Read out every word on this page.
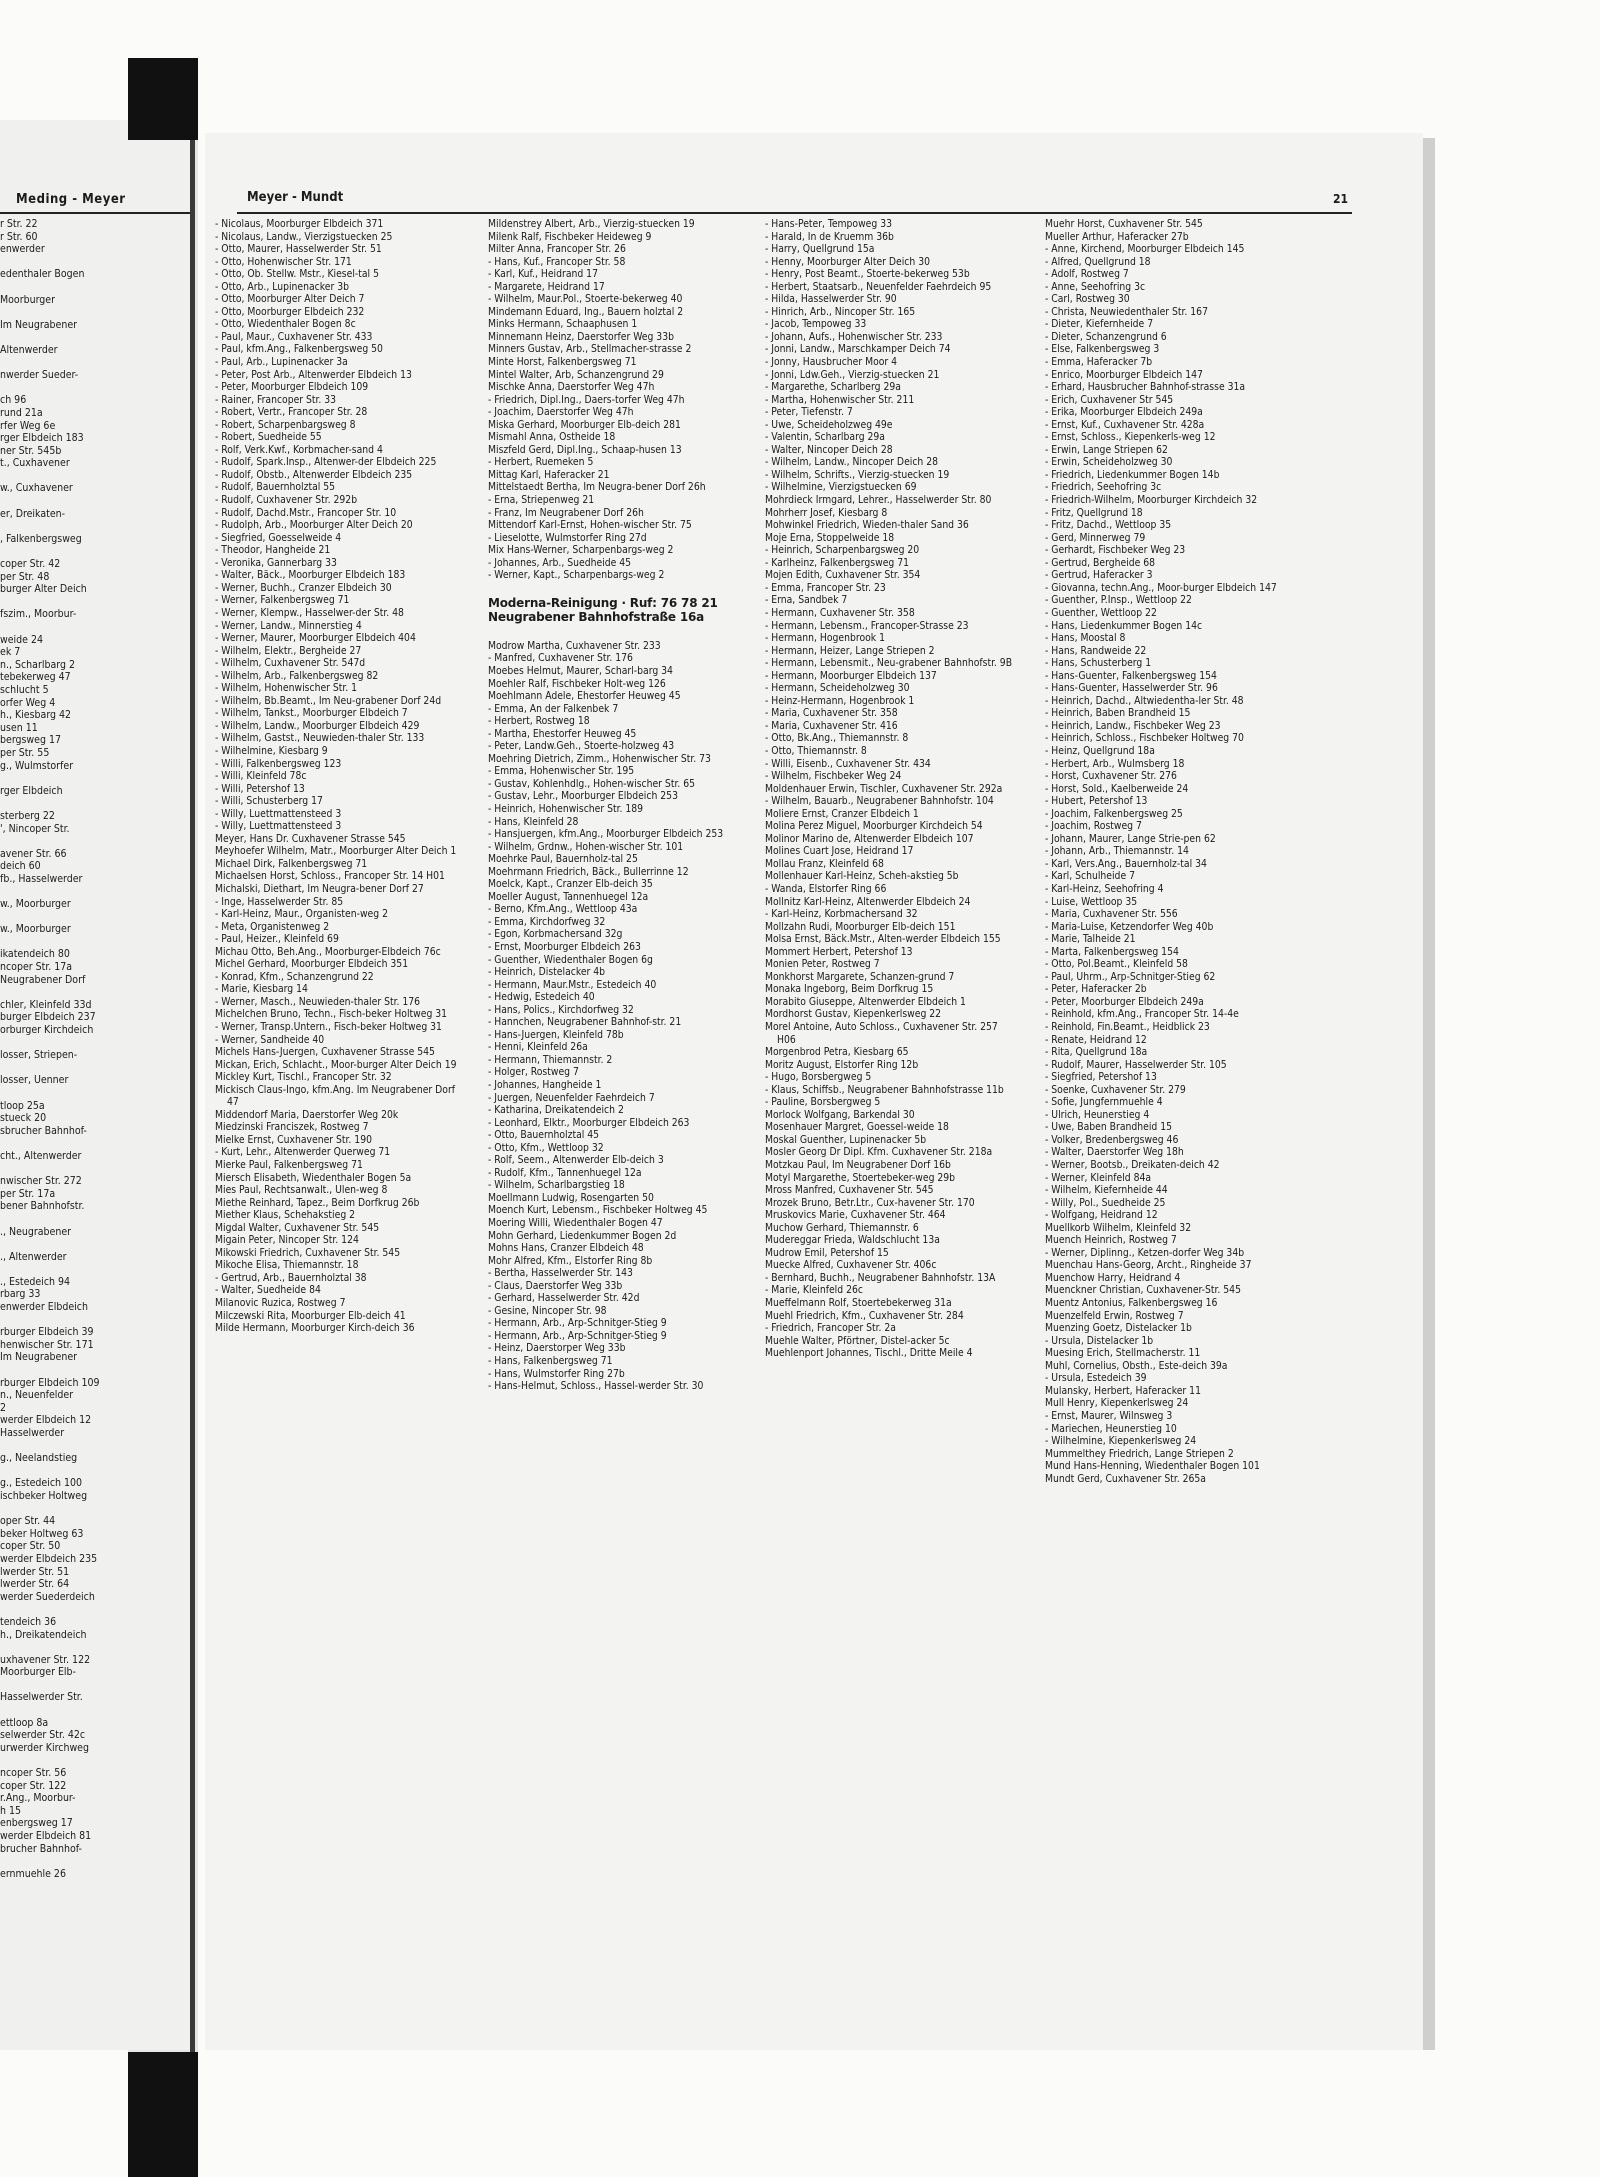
Meding - Meyer
r Str. 22
r Str. 60
enwerder

edenthaler Bogen

Moorburger

Im Neugrabener

Altenwerder

nwerder Sueder-

ch 96
rund 21a
rfer Weg 6e
rger Elbdeich 183
ner Str. 545b
t., Cuxhavener

w., Cuxhavener

er, Dreikaten-

, Falkenbergsweg

coper Str. 42
per Str. 48
burger Alter Deich

fszim., Moorbur-

weide 24
ek 7
n., Scharlbarg 2
tebekerweg 47
schlucht 5
orfer Weg 4
h., Kiesbarg 42
usen 11
bergsweg 17
per Str. 55
g., Wulmstorfer

rger Elbdeich

sterberg 22
', Nincoper Str.

avener Str. 66
deich 60
fb., Hasselwerder

w., Moorburger

w., Moorburger

ikatendeich 80
ncoper Str. 17a
Neugrabener Dorf

chler, Kleinfeld 33d
burger Elbdeich 237
orburger Kirchdeich

losser, Striepen-

losser, Uenner

tloop 25a
stueck 20
sbrucher Bahnhof-

cht., Altenwerder

nwischer Str. 272
per Str. 17a
bener Bahnhofstr.

., Neugrabener

., Altenwerder

., Estedeich 94
rbarg 33
enwerder Elbdeich

rburger Elbdeich 39
henwischer Str. 171
Im Neugrabener

rburger Elbdeich 109
n., Neuenfelder
2
werder Elbdeich 12
Hasselwerder

g., Neelandstieg

g., Estedeich 100
ischbeker Holtweg

oper Str. 44
beker Holtweg 63
coper Str. 50
werder Elbdeich 235
lwerder Str. 51
lwerder Str. 64
werder Suederdeich

tendeich 36
h., Dreikatendeich

uxhavener Str. 122
Moorburger Elb-

Hasselwerder Str.

ettloop 8a
selwerder Str. 42c
urwerder Kirchweg

ncoper Str. 56
coper Str. 122
r.Ang., Moorbur-
h 15
enbergsweg 17
werder Elbdeich 81
brucher Bahnhof-

ernmuehle 26
Meyer - Mundt	21
- Nicolaus, Moorburger Elbdeich 371
- Nicolaus, Landw., Vierzigstuecken 25
- Otto, Maurer, Hasselwerder Str. 51
- Otto, Hohenwischer Str. 171
- Otto, Ob. Stellw. Mstr., Kiesel-tal 5
- Otto, Arb., Lupinenacker 3b
- Otto, Moorburger Alter Deich 7
- Otto, Moorburger Elbdeich 232
- Otto, Wiedenthaler Bogen 8c
- Paul, Maur., Cuxhavener Str. 433
- Paul, kfm.Ang., Falkenbergsweg 50
- Paul, Arb., Lupinenacker 3a
- Peter, Post Arb., Altenwerder Elbdeich 13
- Peter, Moorburger Elbdeich 109
- Rainer, Francoper Str. 33
- Robert, Vertr., Francoper Str. 28
- Robert, Scharpenbargsweg 8
- Robert, Suedheide 55
- Rolf, Verk.Kwf., Korbmacher-sand 4
- Rudolf, Spark.Insp., Altenwer-der Elbdeich 225
- Rudolf, Obstb., Altenwerder Elbdeich 235
- Rudolf, Bauernholztal 55
- Rudolf, Cuxhavener Str. 292b
- Rudolf, Dachd.Mstr., Francoper Str. 10
- Rudolph, Arb., Moorburger Alter Deich 20
- Siegfried, Goesselweide 4
- Theodor, Hangheide 21
- Veronika, Gannerbarg 33
- Walter, Bäck., Moorburger Elbdeich 183
- Werner, Buchh., Cranzer Elbdeich 30
- Werner, Falkenbergsweg 71
- Werner, Klempw., Hasselwer-der Str. 48
- Werner, Landw., Minnerstieg 4
- Werner, Maurer, Moorburger Elbdeich 404
- Wilhelm, Elektr., Bergheide 27
- Wilhelm, Cuxhavener Str. 547d
- Wilhelm, Arb., Falkenbergsweg 82
- Wilhelm, Hohenwischer Str. 1
- Wilhelm, Bb.Beamt., Im Neu-grabener Dorf 24d
- Wilhelm, Tankst., Moorburger Elbdeich 7
- Wilhelm, Landw., Moorburger Elbdeich 429
- Wilhelm, Gastst., Neuwieden-thaler Str. 133
- Wilhelmine, Kiesbarg 9
- Willi, Falkenbergsweg 123
- Willi, Kleinfeld 78c
- Willi, Petershof 13
- Willi, Schusterberg 17
- Willy, Luettmattensteed 3
- Willy, Luettmattensteed 3
Meyer, Hans Dr. Cuxhavener Strasse 545
Meyhoefer Wilhelm, Matr., Moorburger Alter Deich 1
Michael Dirk, Falkenbergsweg 71
Michaelsen Horst, Schloss., Francoper Str. 14 H01
Michalski, Diethart, Im Neugra-bener Dorf 27
- Inge, Hasselwerder Str. 85
- Karl-Heinz, Maur., Organisten-weg 2
- Meta, Organistenweg 2
- Paul, Heizer., Kleinfeld 69
Michau Otto, Beh.Ang., Moorburger-Elbdeich 76c
Michel Gerhard, Moorburger Elbdeich 351
- Konrad, Kfm., Schanzengrund 22
- Marie, Kiesbarg 14
- Werner, Masch., Neuwieden-thaler Str. 176
Michelchen Bruno, Techn., Fisch-beker Holtweg 31
- Werner, Transp.Untern., Fisch-beker Holtweg 31
- Werner, Sandheide 40
Michels Hans-Juergen, Cuxhavener Strasse 545
Mickan, Erich, Schlacht., Moor-burger Alter Deich 19
Mickley Kurt, Tischl., Francoper Str. 32
Mickisch Claus-Ingo, kfm.Ang. Im Neugrabener Dorf 47
Middendorf Maria, Daerstorfer Weg 20k
Miedzinski Franciszek, Rostweg 7
Mielke Ernst, Cuxhavener Str. 190
- Kurt, Lehr., Altenwerder Querweg 71
Mierke Paul, Falkenbergsweg 71
Miersch Elisabeth, Wiedenthaler Bogen 5a
Mies Paul, Rechtsanwalt., Ulen-weg 8
Miethe Reinhard, Tapez., Beim Dorfkrug 26b
Miether Klaus, Schehakstieg 2
Migdal Walter, Cuxhavener Str. 545
Migain Peter, Nincoper Str. 124
Mikowski Friedrich, Cuxhavener Str. 545
Mikoche Elisa, Thiemannstr. 18
- Gertrud, Arb., Bauernholztal 38
- Walter, Suedheide 84
Milanovic Ruzica, Rostweg 7
Milczewski Rita, Moorburger Elb-deich 41
Milde Hermann, Moorburger Kirch-deich 36
Mildenstrey Albert, Arb., Vierzig-stuecken 19
Milenk Ralf, Fischbeker Heideweg 9
Milter Anna, Francoper Str. 26
- Hans, Kuf., Francoper Str. 58
- Karl, Kuf., Heidrand 17
- Margarete, Heidrand 17
- Wilhelm, Maur.Pol., Stoerte-bekerweg 40
Mindemann Eduard, Ing., Bauern holztal 2
Minks Hermann, Schaaphusen 1
Minnemann Heinz, Daerstorfer Weg 33b
Minners Gustav, Arb., Stellmacher-strasse 2
Minte Horst, Falkenbergsweg 71
Mintel Walter, Arb, Schanzengrund 29
Mischke Anna, Daerstorfer Weg 47h
- Friedrich, Dipl.Ing., Daers-torfer Weg 47h
- Joachim, Daerstorfer Weg 47h
Miska Gerhard, Moorburger Elb-deich 281
Mismahl Anna, Ostheide 18
Miszfeld Gerd, Dipl.Ing., Schaap-husen 13
- Herbert, Ruemeken 5
Mittag Karl, Haferacker 21
Mittelstaedt Bertha, Im Neugra-bener Dorf 26h
- Erna, Striepenweg 21
- Franz, Im Neugrabener Dorf 26h
Mittendorf Karl-Ernst, Hohen-wischer Str. 75
- Lieselotte, Wulmstorfer Ring 27d
Mix Hans-Werner, Scharpenbargs-weg 2
- Johannes, Arb., Suedheide 45
- Werner, Kapt., Scharpenbargs-weg 2
Moderna-Reinigung · Ruf: 76 78 21
Neugrabener Bahnhofstraße 16a
Modrow Martha, Cuxhavener Str. 233
- Manfred, Cuxhavener Str. 176
Moebes Helmut, Maurer, Scharl-barg 34
Moehler Ralf, Fischbeker Holt-weg 126
Moehlmann Adele, Ehestorfer Heuweg 45
- Emma, An der Falkenbek 7
- Herbert, Rostweg 18
- Martha, Ehestorfer Heuweg 45
- Peter, Landw.Geh., Stoerte-holzweg 43
Moehring Dietrich, Zimm., Hohenwischer Str. 73
- Emma, Hohenwischer Str. 195
- Gustav, Kohlenhdlg., Hohen-wischer Str. 65
- Gustav, Lehr., Moorburger Elbdeich 253
- Heinrich, Hohenwischer Str. 189
- Hans, Kleinfeld 28
- Hansjuergen, kfm.Ang., Moorburger Elbdeich 253
- Wilhelm, Grdnw., Hohen-wischer Str. 101
Moehrke Paul, Bauernholz-tal 25
Moehrmann Friedrich, Bäck., Bullerrinne 12
Moelck, Kapt., Cranzer Elb-deich 35
Moeller August, Tannenhuegel 12a
- Berno, Kfm.Ang., Wettloop 43a
- Emma, Kirchdorfweg 32
- Egon, Korbmachersand 32g
- Ernst, Moorburger Elbdeich 263
- Guenther, Wiedenthaler Bogen 6g
- Heinrich, Distelacker 4b
- Hermann, Maur.Mstr., Estedeich 40
- Hedwig, Estedeich 40
- Hans, Polics., Kirchdorfweg 32
- Hannchen, Neugrabener Bahnhof-str. 21
- Hans-Juergen, Kleinfeld 78b
- Henni, Kleinfeld 26a
- Hermann, Thiemannstr. 2
- Holger, Rostweg 7
- Johannes, Hangheide 1
- Juergen, Neuenfelder Faehrdeich 7
- Katharina, Dreikatendeich 2
- Leonhard, Elktr., Moorburger Elbdeich 263
- Otto, Bauernholztal 45
- Otto, Kfm., Wettloop 32
- Rolf, Seem., Altenwerder Elb-deich 3
- Rudolf, Kfm., Tannenhuegel 12a
- Wilhelm, Scharlbargstieg 18
Moellmann Ludwig, Rosengarten 50
Moench Kurt, Lebensm., Fischbeker Holtweg 45
Moering Willi, Wiedenthaler Bogen 47
Mohn Gerhard, Liedenkummer Bogen 2d
Mohns Hans, Cranzer Elbdeich 48
Mohr Alfred, Kfm., Elstorfer Ring 8b
- Bertha, Hasselwerder Str. 143
- Claus, Daerstorfer Weg 33b
- Gerhard, Hasselwerder Str. 42d
- Gesine, Nincoper Str. 98
- Hermann, Arb., Arp-Schnitger-Stieg 9
- Hermann, Arb., Arp-Schnitger-Stieg 9
- Heinz, Daerstorper Weg 33b
- Hans, Falkenbergsweg 71
- Hans, Wulmstorfer Ring 27b
- Hans-Helmut, Schloss., Hassel-werder Str. 30
- Hans-Peter, Tempoweg 33
- Harald, In de Kruemm 36b
- Harry, Quellgrund 15a
- Henny, Moorburger Alter Deich 30
- Henry, Post Beamt., Stoerte-bekerweg 53b
- Herbert, Staatsarb., Neuenfelder Faehrdeich 95
- Hilda, Hasselwerder Str. 90
- Hinrich, Arb., Nincoper Str. 165
- Jacob, Tempoweg 33
- Johann, Aufs., Hohenwischer Str. 233
- Jonni, Landw., Marschkamper Deich 74
- Jonny, Hausbrucher Moor 4
- Jonni, Ldw.Geh., Vierzig-stuecken 21
- Margarethe, Scharlberg 29a
- Martha, Hohenwischer Str. 211
- Peter, Tiefenstr. 7
- Uwe, Scheideholzweg 49e
- Valentin, Scharlbarg 29a
- Walter, Nincoper Deich 28
- Wilhelm, Landw., Nincoper Deich 28
- Wilhelm, Schrifts., Vierzig-stuecken 19
- Wilhelmine, Vierzigstuecken 69
Mohrdieck Irmgard, Lehrer., Hasselwerder Str. 80
Mohrherr Josef, Kiesbarg 8
Mohwinkel Friedrich, Wieden-thaler Sand 36
Moje Erna, Stoppelweide 18
- Heinrich, Scharpenbargsweg 20
- Karlheinz, Falkenbergsweg 71
Mojen Edith, Cuxhavener Str. 354
- Emma, Francoper Str. 23
- Erna, Sandbek 7
- Hermann, Cuxhavener Str. 358
- Hermann, Lebensm., Francoper-Strasse 23
- Hermann, Hogenbrook 1
- Hermann, Heizer, Lange Striepen 2
- Hermann, Lebensmit., Neu-grabener Bahnhofstr. 9B
- Hermann, Moorburger Elbdeich 137
- Hermann, Scheideholzweg 30
- Heinz-Hermann, Hogenbrook 1
- Maria, Cuxhavener Str. 358
- Maria, Cuxhavener Str. 416
- Otto, Bk.Ang., Thiemannstr. 8
- Otto, Thiemannstr. 8
- Willi, Eisenb., Cuxhavener Str. 434
- Wilhelm, Fischbeker Weg 24
Moldenhauer Erwin, Tischler, Cuxhavener Str. 292a
- Wilhelm, Bauarb., Neugrabener Bahnhofstr. 104
Moliere Ernst, Cranzer Elbdeich 1
Molina Perez Miguel, Moorburger Kirchdeich 54
Molinor Marino de, Altenwerder Elbdeich 107
Molines Cuart Jose, Heidrand 17
Mollau Franz, Kleinfeld 68
Mollenhauer Karl-Heinz, Scheh-akstieg 5b
- Wanda, Elstorfer Ring 66
Mollnitz Karl-Heinz, Altenwerder Elbdeich 24
- Karl-Heinz, Korbmachersand 32
Mollzahn Rudi, Moorburger Elb-deich 151
Molsa Ernst, Bäck.Mstr., Alten-werder Elbdeich 155
Mommert Herbert, Petershof 13
Monien Peter, Rostweg 7
Monkhorst Margarete, Schanzen-grund 7
Monaka Ingeborg, Beim Dorfkrug 15
Morabito Giuseppe, Altenwerder Elbdeich 1
Mordhorst Gustav, Kiepenkerlsweg 22
Morel Antoine, Auto Schloss., Cuxhavener Str. 257 H06
Morgenbrod Petra, Kiesbarg 65
Moritz August, Elstorfer Ring 12b
- Hugo, Borsbergweg 5
- Klaus, Schiffsb., Neugrabener Bahnhofstrasse 11b
- Pauline, Borsbergweg 5
Morlock Wolfgang, Barkendal 30
Mosenhauer Margret, Goessel-weide 18
Moskal Guenther, Lupinenacker 5b
Mosler Georg Dr Dipl. Kfm. Cuxhavener Str. 218a
Motzkau Paul, Im Neugrabener Dorf 16b
Motyl Margarethe, Stoertebeker-weg 29b
Mross Manfred, Cuxhavener Str. 545
Mrozek Bruno, Betr.Ltr., Cux-havener Str. 170
Mruskovics Marie, Cuxhavener Str. 464
Muchow Gerhard, Thiemannstr. 6
Mudereggar Frieda, Waldschlucht 13a
Mudrow Emil, Petershof 15
Muecke Alfred, Cuxhavener Str. 406c
- Bernhard, Buchh., Neugrabener Bahnhofstr. 13A
- Marie, Kleinfeld 26c
Mueffelmann Rolf, Stoertebekerweg 31a
Muehl Friedrich, Kfm., Cuxhavener Str. 284
- Friedrich, Francoper Str. 2a
Muehle Walter, Pförtner, Distel-acker 5c
Muehlenport Johannes, Tischl., Dritte Meile 4
Muehr Horst, Cuxhavener Str. 545
Mueller Arthur, Haferacker 27b
- Anne, Kirchend, Moorburger Elbdeich 145
- Alfred, Quellgrund 18
- Adolf, Rostweg 7
- Anne, Seehofring 3c
- Carl, Rostweg 30
- Christa, Neuwiedenthaler Str. 167
- Dieter, Kiefernheide 7
- Dieter, Schanzengrund 6
- Else, Falkenbergsweg 3
- Emma, Haferacker 7b
- Enrico, Moorburger Elbdeich 147
- Erhard, Hausbrucher Bahnhof-strasse 31a
- Erich, Cuxhavener Str 545
- Erika, Moorburger Elbdeich 249a
- Ernst, Kuf., Cuxhavener Str. 428a
- Ernst, Schloss., Kiepenkerls-weg 12
- Erwin, Lange Striepen 62
- Erwin, Scheideholzweg 30
- Friedrich, Liedenkummer Bogen 14b
- Friedrich, Seehofring 3c
- Friedrich-Wilhelm, Moorburger Kirchdeich 32
- Fritz, Quellgrund 18
- Fritz, Dachd., Wettloop 35
- Gerd, Minnerweg 79
- Gerhardt, Fischbeker Weg 23
- Gertrud, Bergheide 68
- Gertrud, Haferacker 3
- Giovanna, techn.Ang., Moor-burger Elbdeich 147
- Guenther, P.Insp., Wettloop 22
- Guenther, Wettloop 22
- Hans, Liedenkummer Bogen 14c
- Hans, Moostal 8
- Hans, Randweide 22
- Hans, Schusterberg 1
- Hans-Guenter, Falkenbergsweg 154
- Hans-Guenter, Hasselwerder Str. 96
- Heinrich, Dachd., Altwiedentha-ler Str. 48
- Heinrich, Baben Brandheid 15
- Heinrich, Landw., Fischbeker Weg 23
- Heinrich, Schloss., Fischbeker Holtweg 70
- Heinz, Quellgrund 18a
- Herbert, Arb., Wulmsberg 18
- Horst, Cuxhavener Str. 276
- Horst, Sold., Kaelberweide 24
- Hubert, Petershof 13
- Joachim, Falkenbergsweg 25
- Joachim, Rostweg 7
- Johann, Maurer, Lange Strie-pen 62
- Johann, Arb., Thiemannstr. 14
- Karl, Vers.Ang., Bauernholz-tal 34
- Karl, Schulheide 7
- Karl-Heinz, Seehofring 4
- Luise, Wettloop 35
- Maria, Cuxhavener Str. 556
- Maria-Luise, Ketzendorfer Weg 40b
- Marie, Talheide 21
- Marta, Falkenbergsweg 154
- Otto, Pol.Beamt., Kleinfeld 58
- Paul, Uhrm., Arp-Schnitger-Stieg 62
- Peter, Haferacker 2b
- Peter, Moorburger Elbdeich 249a
- Reinhold, kfm.Ang., Francoper Str. 14-4e
- Reinhold, Fin.Beamt., Heidblick 23
- Renate, Heidrand 12
- Rita, Quellgrund 18a
- Rudolf, Maurer, Hasselwerder Str. 105
- Siegfried, Petershof 13
- Soenke, Cuxhavener Str. 279
- Sofie, Jungfernmuehle 4
- Ulrich, Heunerstieg 4
- Uwe, Baben Brandheid 15
- Volker, Bredenbergsweg 46
- Walter, Daerstorfer Weg 18h
- Werner, Bootsb., Dreikaten-deich 42
- Werner, Kleinfeld 84a
- Wilhelm, Kiefernheide 44
- Willy, Pol., Suedheide 25
- Wolfgang, Heidrand 12
Muellkorb Wilhelm, Kleinfeld 32
Muench Heinrich, Rostweg 7
- Werner, Diplinng., Ketzen-dorfer Weg 34b
Muenchau Hans-Georg, Archt., Ringheide 37
Muenchow Harry, Heidrand 4
Muenckner Christian, Cuxhavener-Str. 545
Muentz Antonius, Falkenbergsweg 16
Muenzelfeld Erwin, Rostweg 7
Muenzing Goetz, Distelacker 1b
- Ursula, Distelacker 1b
Muesing Erich, Stellmacherstr. 11
Muhl, Cornelius, Obsth., Este-deich 39a
- Ursula, Estedeich 39
Mulansky, Herbert, Haferacker 11
Mull Henry, Kiepenkerlsweg 24
- Ernst, Maurer, Wilnsweg 3
- Mariechen, Heunerstieg 10
- Wilhelmine, Kiepenkerlsweg 24
Mummelthey Friedrich, Lange Striepen 2
Mund Hans-Henning, Wiedenthaler Bogen 101
Mundt Gerd, Cuxhavener Str. 265a
